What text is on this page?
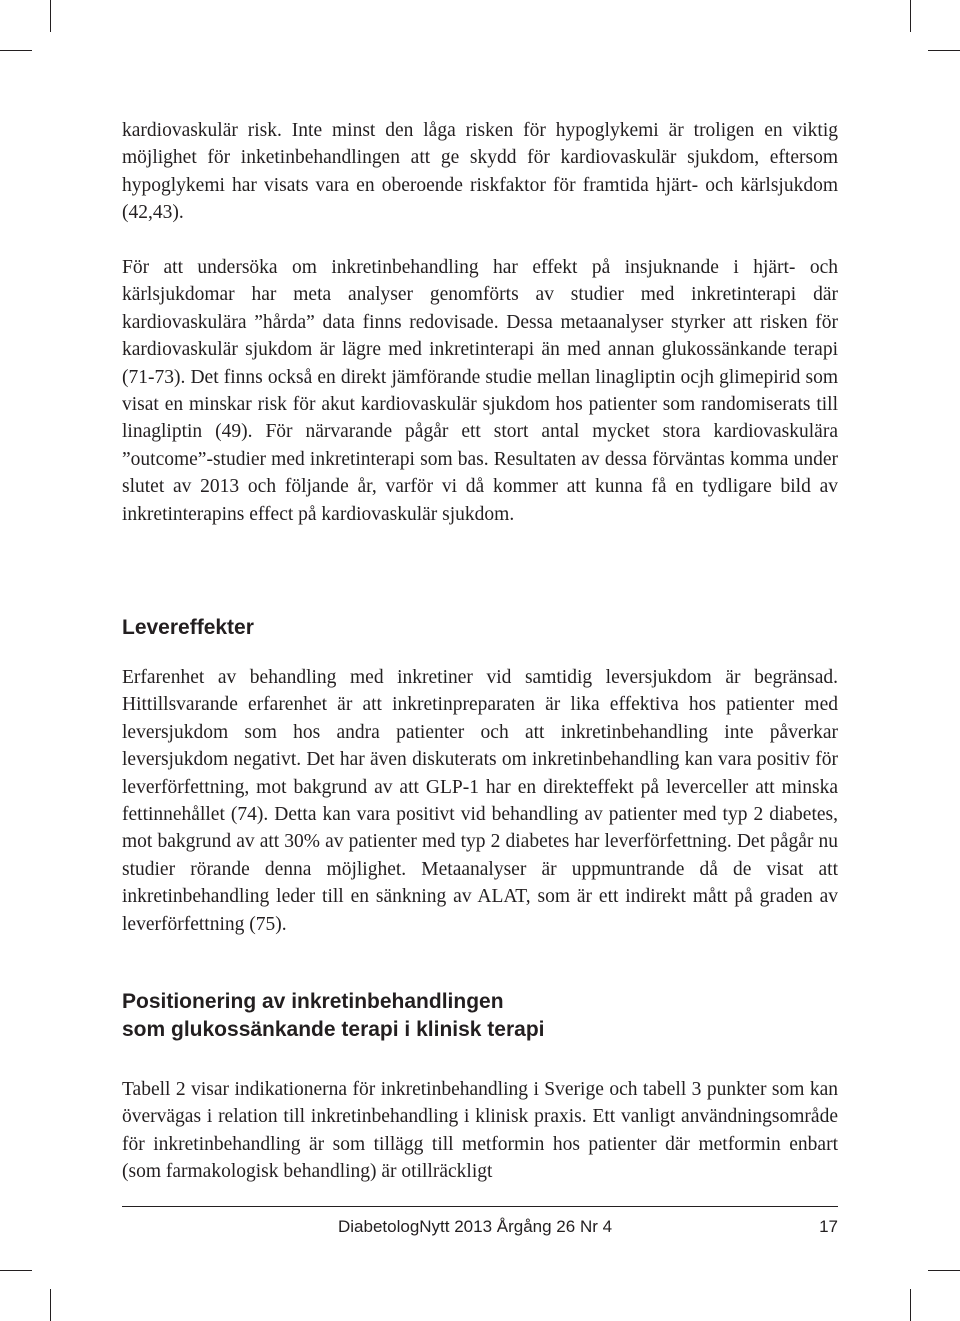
kardiovaskulär risk. Inte minst den låga risken för hypoglykemi är troligen en viktig möjlighet för inketinbehandlingen att ge skydd för kardiovaskulär sjukdom, eftersom hypoglykemi har visats vara en oberoende riskfaktor för framtida hjärt- och kärlsjukdom (42,43).

För att undersöka om inkretinbehandling har effekt på insjuknande i hjärt- och kärlsjukdomar har meta analyser genomförts av studier med inkretinterapi där kardiovaskulära ”hårda” data finns redovisade. Dessa metaanalyser styrker att risken för kardiovaskulär sjukdom är lägre med inkretinterapi än med annan glukossänkande terapi (71-73). Det finns också en direkt jämförande studie mellan linagliptin ocjh glimepirid som visat en minskar risk för akut kardiovaskulär sjukdom hos patienter som randomiserats till linagliptin (49). För närvarande pågår ett stort antal mycket stora kardiovaskulära ”outcome”-studier med inkretinterapi som bas. Resultaten av dessa förväntas komma under slutet av 2013 och följande år, varför vi då kommer att kunna få en tydligare bild av inkretinterapins effect på kardiovaskulär sjukdom.

Levereffekter

Erfarenhet av behandling med inkretiner vid samtidig leversjukdom är begränsad. Hittillsvarande erfarenhet är att inkretinpreparaten är lika effektiva hos patienter med leversjukdom som hos andra patienter och att inkretinbehandling inte påverkar leversjukdom negativt. Det har även diskuterats om inkretinbehandling kan vara positiv för leverförfettning, mot bakgrund av att GLP-1 har en direkteffekt på leverceller att minska fettinnehållet (74). Detta kan vara positivt vid behandling av patienter med typ 2 diabetes, mot bakgrund av att 30% av patienter med typ 2 diabetes har leverförfettning. Det pågår nu studier rörande denna möjlighet. Metaanalyser är uppmuntrande då de visat att inkretinbehandling leder till en sänkning av ALAT, som är ett indirekt mått på graden av leverförfettning (75).

Positionering av inkretinbehandlingen
som glukossänkande terapi i klinisk terapi

Tabell 2 visar indikationerna för inkretinbehandling i Sverige och tabell 3 punkter som kan övervägas i relation till inkretinbehandling i klinisk praxis. Ett vanligt användningsområde för inkretinbehandling är som tillägg till metformin hos patienter där metformin enbart (som farmakologisk behandling) är otillräckligt

DiabetologNytt 2013 Årgång 26 Nr 4	17
